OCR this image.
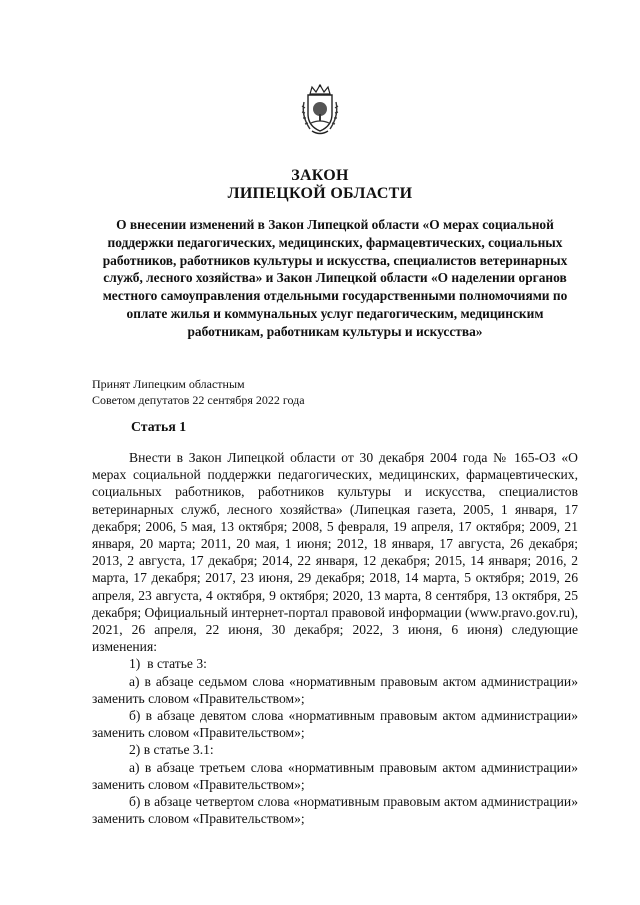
ЗАКОН
ЛИПЕЦКОЙ ОБЛАСТИ
О внесении изменений в Закон Липецкой области «О мерах социальной поддержки педагогических, медицинских, фармацевтических, социальных работников, работников культуры и искусства, специалистов ветеринарных служб, лесного хозяйства» и Закон Липецкой области «О наделении органов местного самоуправления отдельными государственными полномочиями по оплате жилья и коммунальных услуг педагогическим, медицинским работникам, работникам культуры и искусства»
Принят Липецким областным
Советом депутатов 22 сентября 2022 года
Статья 1

Внести в Закон Липецкой области от 30 декабря 2004 года № 165-ОЗ «О мерах социальной поддержки педагогических, медицинских, фармацевтических, социальных работников, работников культуры и искусства, специалистов ветеринарных служб, лесного хозяйства» (Липецкая газета, 2005, 1 января, 17 декабря; 2006, 5 мая, 13 октября; 2008, 5 февраля, 19 апреля, 17 октября; 2009, 21 января, 20 марта; 2011, 20 мая, 1 июня; 2012, 18 января, 17 августа, 26 декабря; 2013, 2 августа, 17 декабря; 2014, 22 января, 12 декабря; 2015, 14 января; 2016, 2 марта, 17 декабря; 2017, 23 июня, 29 декабря; 2018, 14 марта, 5 октября; 2019, 26 апреля, 23 августа, 4 октября, 9 октября; 2020, 13 марта, 8 сентября, 13 октября, 25 декабря; Официальный интернет-портал правовой информации (www.pravo.gov.ru), 2021, 26 апреля, 22 июня, 30 декабря; 2022, 3 июня, 6 июня) следующие изменения:

1)  в статье 3:

а) в абзаце седьмом слова «нормативным правовым актом администрации» заменить словом «Правительством»;

б) в абзаце девятом слова «нормативным правовым актом администрации» заменить словом «Правительством»;

2) в статье 3.1:

а) в абзаце третьем слова «нормативным правовым актом администрации» заменить словом «Правительством»;

б) в абзаце четвертом слова «нормативным правовым актом администрации» заменить словом «Правительством»;
